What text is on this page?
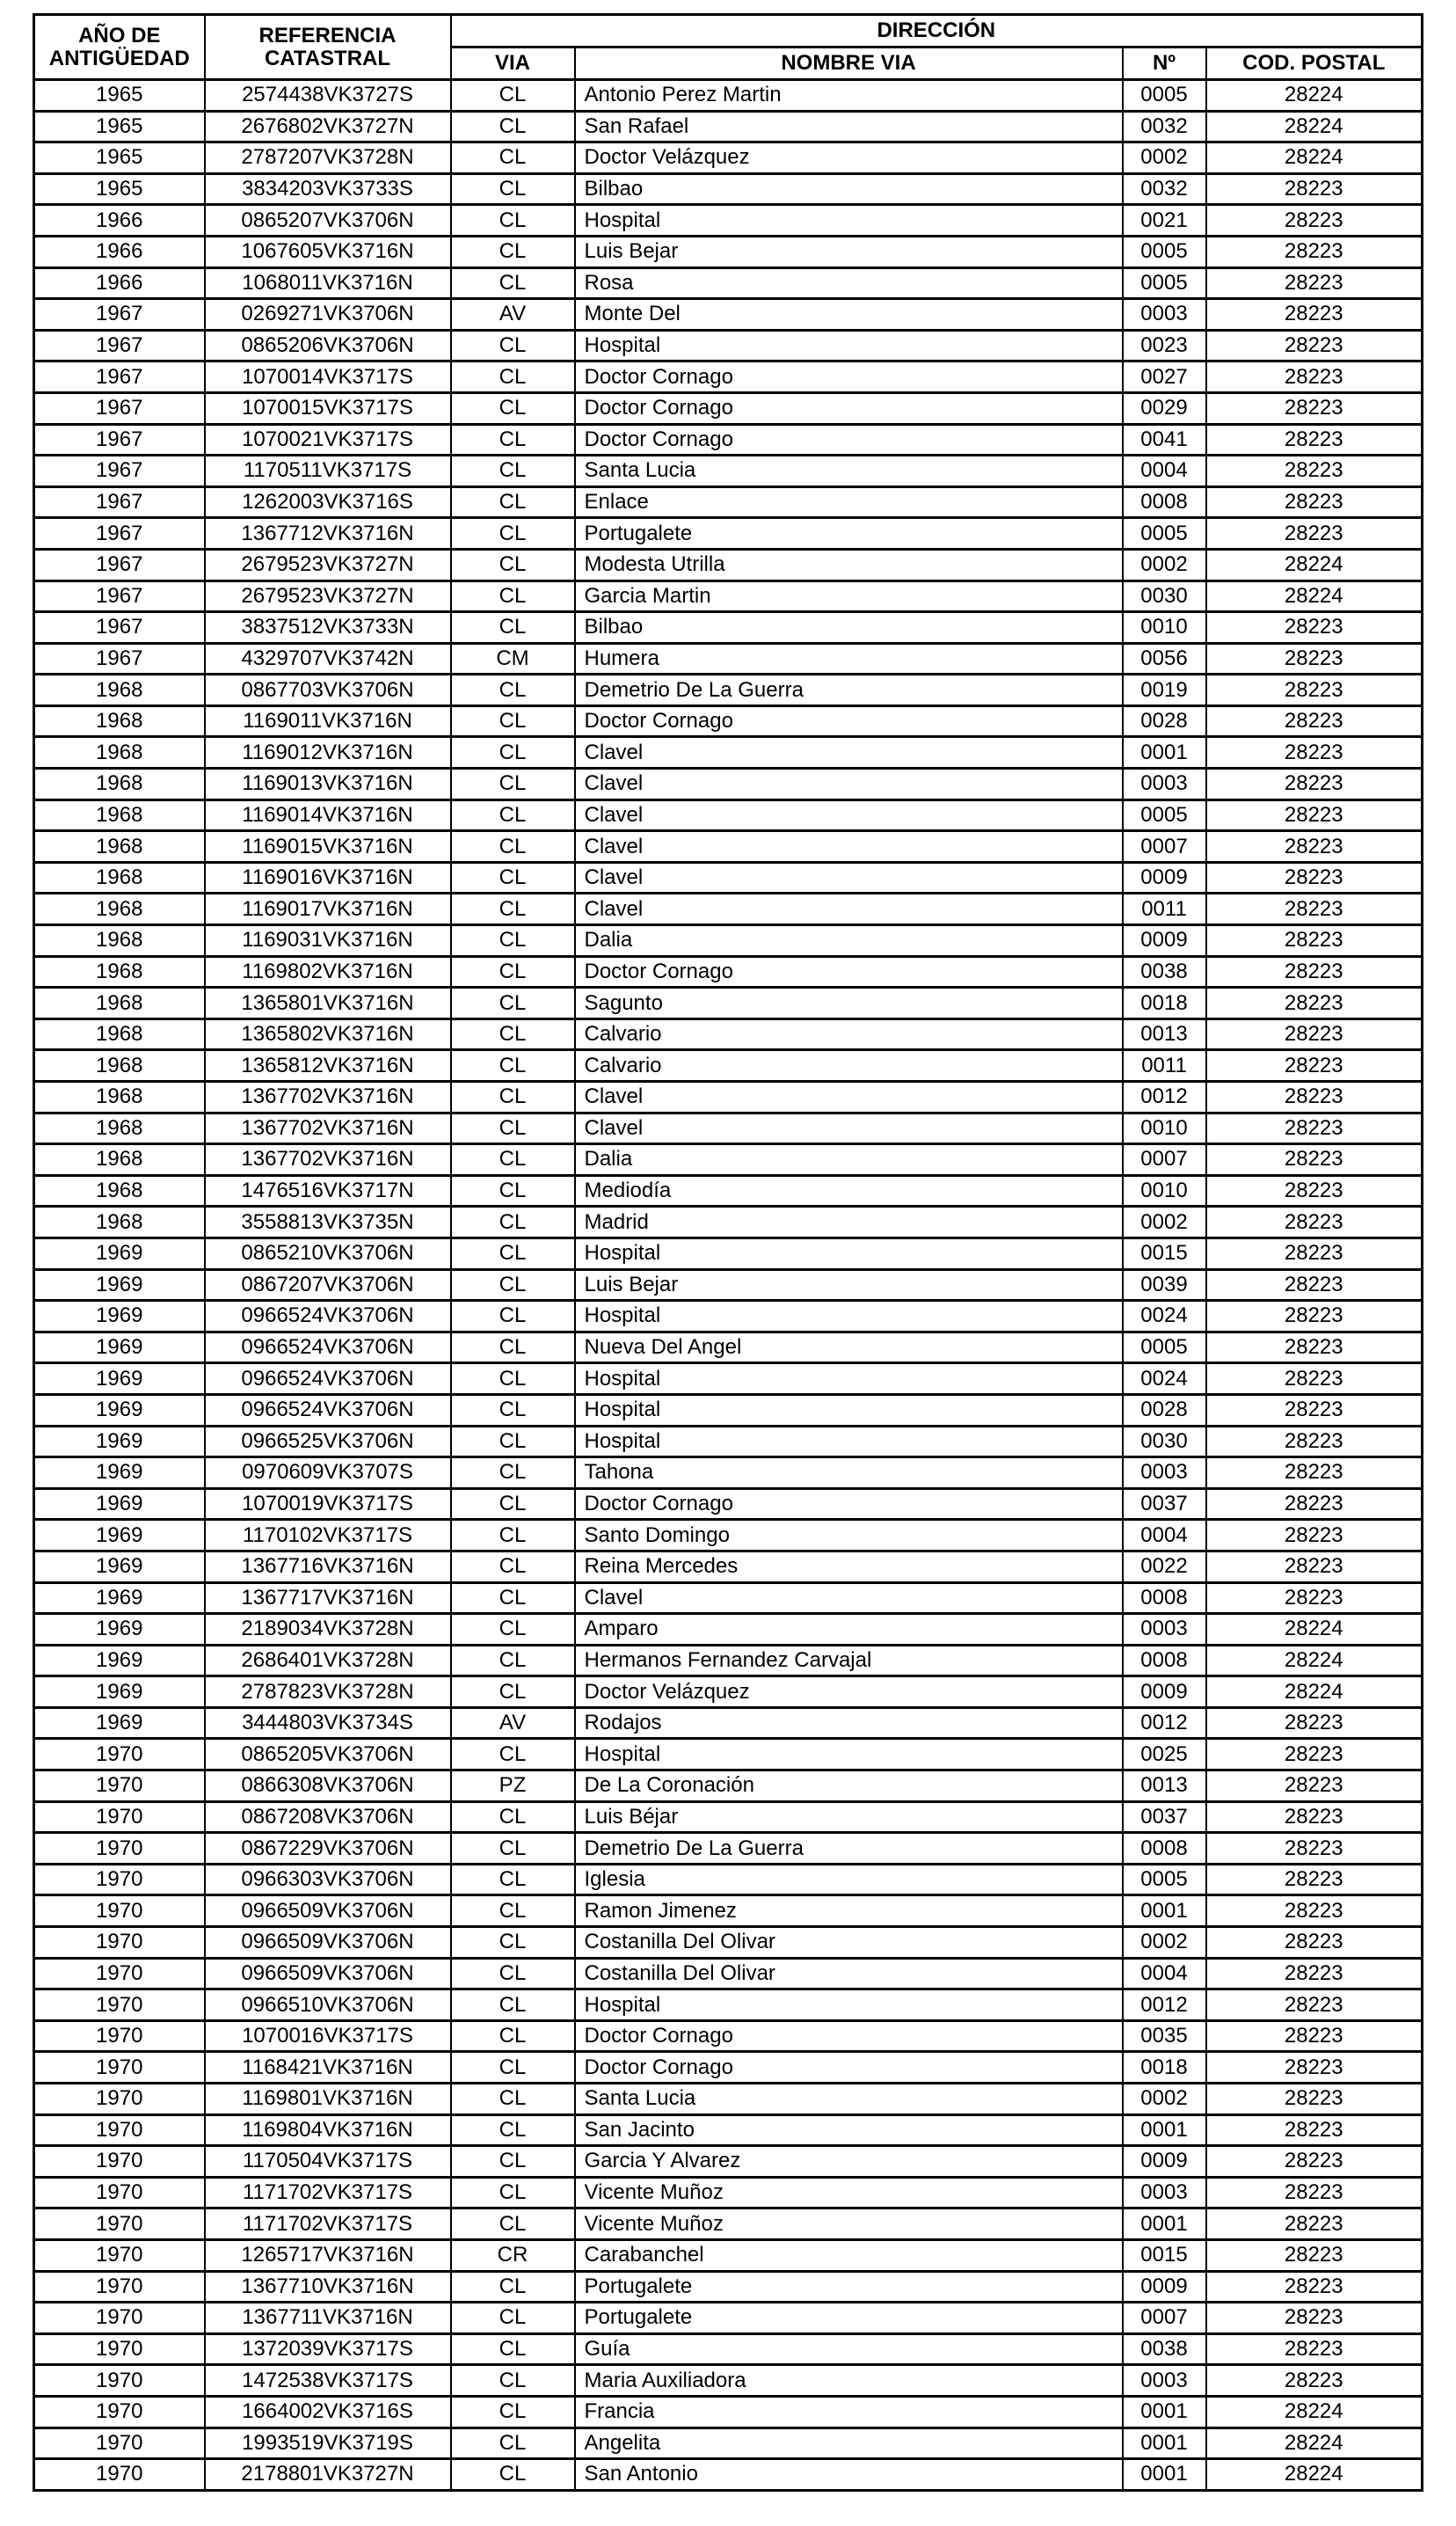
AÑO DE ANTIGÜEDAD	REFERENCIA CATASTRAL	DIRECCIÓN			
		VIA	NOMBRE VIA	Nº	COD. POSTAL
1965	2574438VK3727S	CL	Antonio Perez Martin	0005	28224
1965	2676802VK3727N	CL	San Rafael	0032	28224
1965	2787207VK3728N	CL	Doctor Velázquez	0002	28224
1965	3834203VK3733S	CL	Bilbao	0032	28223
1966	0865207VK3706N	CL	Hospital	0021	28223
1966	1067605VK3716N	CL	Luis Bejar	0005	28223
1966	1068011VK3716N	CL	Rosa	0005	28223
1967	0269271VK3706N	AV	Monte Del	0003	28223
1967	0865206VK3706N	CL	Hospital	0023	28223
1967	1070014VK3717S	CL	Doctor Cornago	0027	28223
1967	1070015VK3717S	CL	Doctor Cornago	0029	28223
1967	1070021VK3717S	CL	Doctor Cornago	0041	28223
1967	1170511VK3717S	CL	Santa Lucia	0004	28223
1967	1262003VK3716S	CL	Enlace	0008	28223
1967	1367712VK3716N	CL	Portugalete	0005	28223
1967	2679523VK3727N	CL	Modesta Utrilla	0002	28224
1967	2679523VK3727N	CL	Garcia Martin	0030	28224
1967	3837512VK3733N	CL	Bilbao	0010	28223
1967	4329707VK3742N	CM	Humera	0056	28223
1968	0867703VK3706N	CL	Demetrio De La Guerra	0019	28223
1968	1169011VK3716N	CL	Doctor Cornago	0028	28223
1968	1169012VK3716N	CL	Clavel	0001	28223
1968	1169013VK3716N	CL	Clavel	0003	28223
1968	1169014VK3716N	CL	Clavel	0005	28223
1968	1169015VK3716N	CL	Clavel	0007	28223
1968	1169016VK3716N	CL	Clavel	0009	28223
1968	1169017VK3716N	CL	Clavel	0011	28223
1968	1169031VK3716N	CL	Dalia	0009	28223
1968	1169802VK3716N	CL	Doctor Cornago	0038	28223
1968	1365801VK3716N	CL	Sagunto	0018	28223
1968	1365802VK3716N	CL	Calvario	0013	28223
1968	1365812VK3716N	CL	Calvario	0011	28223
1968	1367702VK3716N	CL	Clavel	0012	28223
1968	1367702VK3716N	CL	Clavel	0010	28223
1968	1367702VK3716N	CL	Dalia	0007	28223
1968	1476516VK3717N	CL	Mediodía	0010	28223
1968	3558813VK3735N	CL	Madrid	0002	28223
1969	0865210VK3706N	CL	Hospital	0015	28223
1969	0867207VK3706N	CL	Luis Bejar	0039	28223
1969	0966524VK3706N	CL	Hospital	0024	28223
1969	0966524VK3706N	CL	Nueva Del Angel	0005	28223
1969	0966524VK3706N	CL	Hospital	0024	28223
1969	0966524VK3706N	CL	Hospital	0028	28223
1969	0966525VK3706N	CL	Hospital	0030	28223
1969	0970609VK3707S	CL	Tahona	0003	28223
1969	1070019VK3717S	CL	Doctor Cornago	0037	28223
1969	1170102VK3717S	CL	Santo Domingo	0004	28223
1969	1367716VK3716N	CL	Reina Mercedes	0022	28223
1969	1367717VK3716N	CL	Clavel	0008	28223
1969	2189034VK3728N	CL	Amparo	0003	28224
1969	2686401VK3728N	CL	Hermanos Fernandez Carvajal	0008	28224
1969	2787823VK3728N	CL	Doctor Velázquez	0009	28224
1969	3444803VK3734S	AV	Rodajos	0012	28223
1970	0865205VK3706N	CL	Hospital	0025	28223
1970	0866308VK3706N	PZ	De La Coronación	0013	28223
1970	0867208VK3706N	CL	Luis Béjar	0037	28223
1970	0867229VK3706N	CL	Demetrio De La Guerra	0008	28223
1970	0966303VK3706N	CL	Iglesia	0005	28223
1970	0966509VK3706N	CL	Ramon Jimenez	0001	28223
1970	0966509VK3706N	CL	Costanilla Del Olivar	0002	28223
1970	0966509VK3706N	CL	Costanilla Del Olivar	0004	28223
1970	0966510VK3706N	CL	Hospital	0012	28223
1970	1070016VK3717S	CL	Doctor Cornago	0035	28223
1970	1168421VK3716N	CL	Doctor Cornago	0018	28223
1970	1169801VK3716N	CL	Santa Lucia	0002	28223
1970	1169804VK3716N	CL	San Jacinto	0001	28223
1970	1170504VK3717S	CL	Garcia Y Alvarez	0009	28223
1970	1171702VK3717S	CL	Vicente Muñoz	0003	28223
1970	1171702VK3717S	CL	Vicente Muñoz	0001	28223
1970	1265717VK3716N	CR	Carabanchel	0015	28223
1970	1367710VK3716N	CL	Portugalete	0009	28223
1970	1367711VK3716N	CL	Portugalete	0007	28223
1970	1372039VK3717S	CL	Guía	0038	28223
1970	1472538VK3717S	CL	Maria Auxiliadora	0003	28223
1970	1664002VK3716S	CL	Francia	0001	28224
1970	1993519VK3719S	CL	Angelita	0001	28224
1970	2178801VK3727N	CL	San Antonio	0001	28224
